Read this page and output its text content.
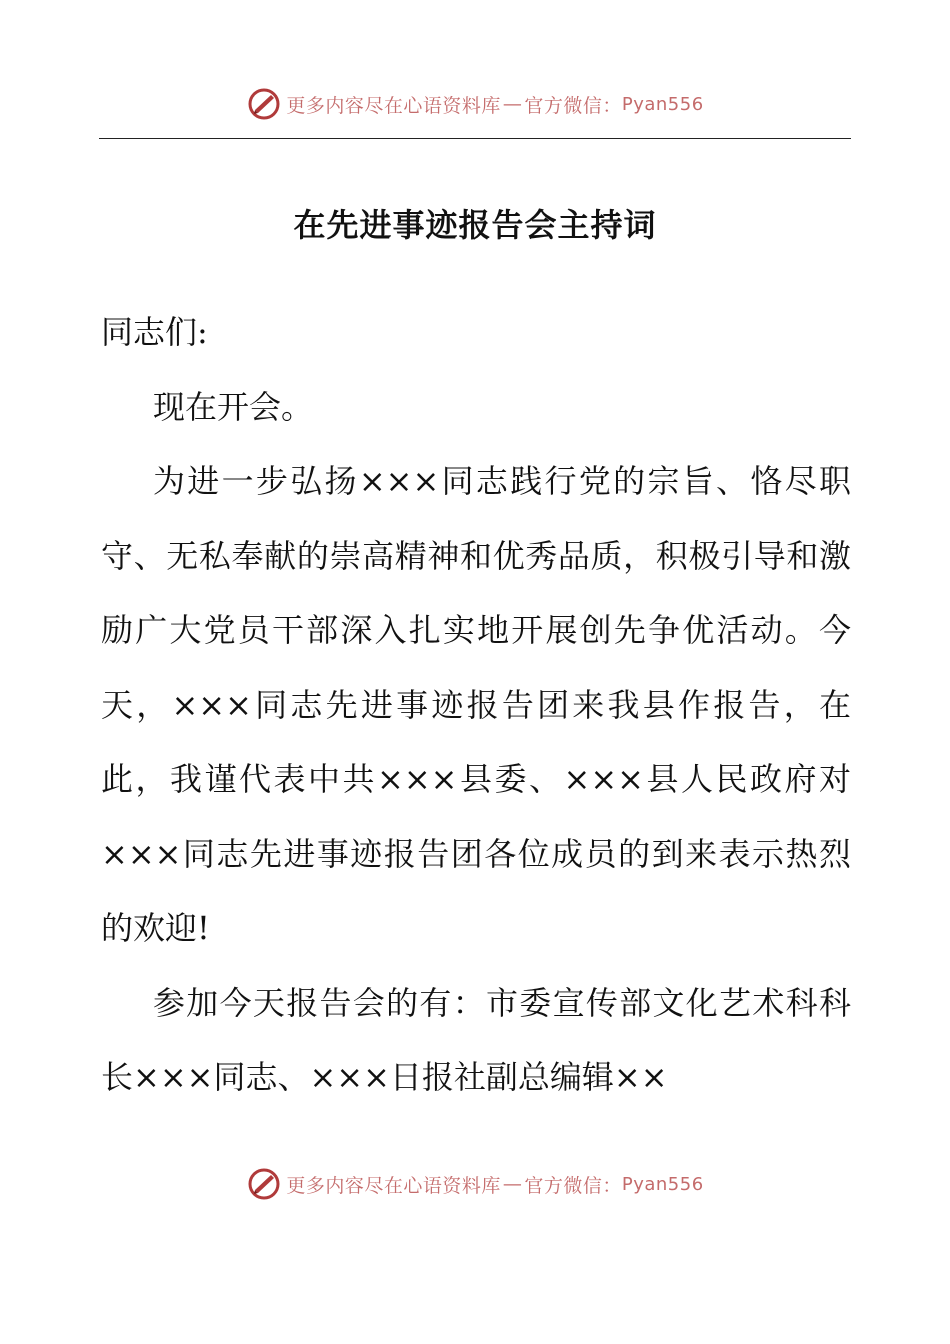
更多内容尽在心语资料库 — 官方微信： Pyan556
在先进事迹报告会主持词

同志们:

现在开会。

为进一步弘扬×××同志践行党的宗旨、恪尽职守、无私奉献的崇高精神和优秀品质，积极引导和激励广大党员干部深入扎实地开展创先争优活动。今天，×××同志先进事迹报告团来我县作报告，在此，我谨代表中共×××县委、×××县人民政府对×××同志先进事迹报告团各位成员的到来表示热烈的欢迎!

参加今天报告会的有：市委宣传部文化艺术科科长×××同志、×××日报社副总编辑××

更多内容尽在心语资料库 — 官方微信： Pyan556
